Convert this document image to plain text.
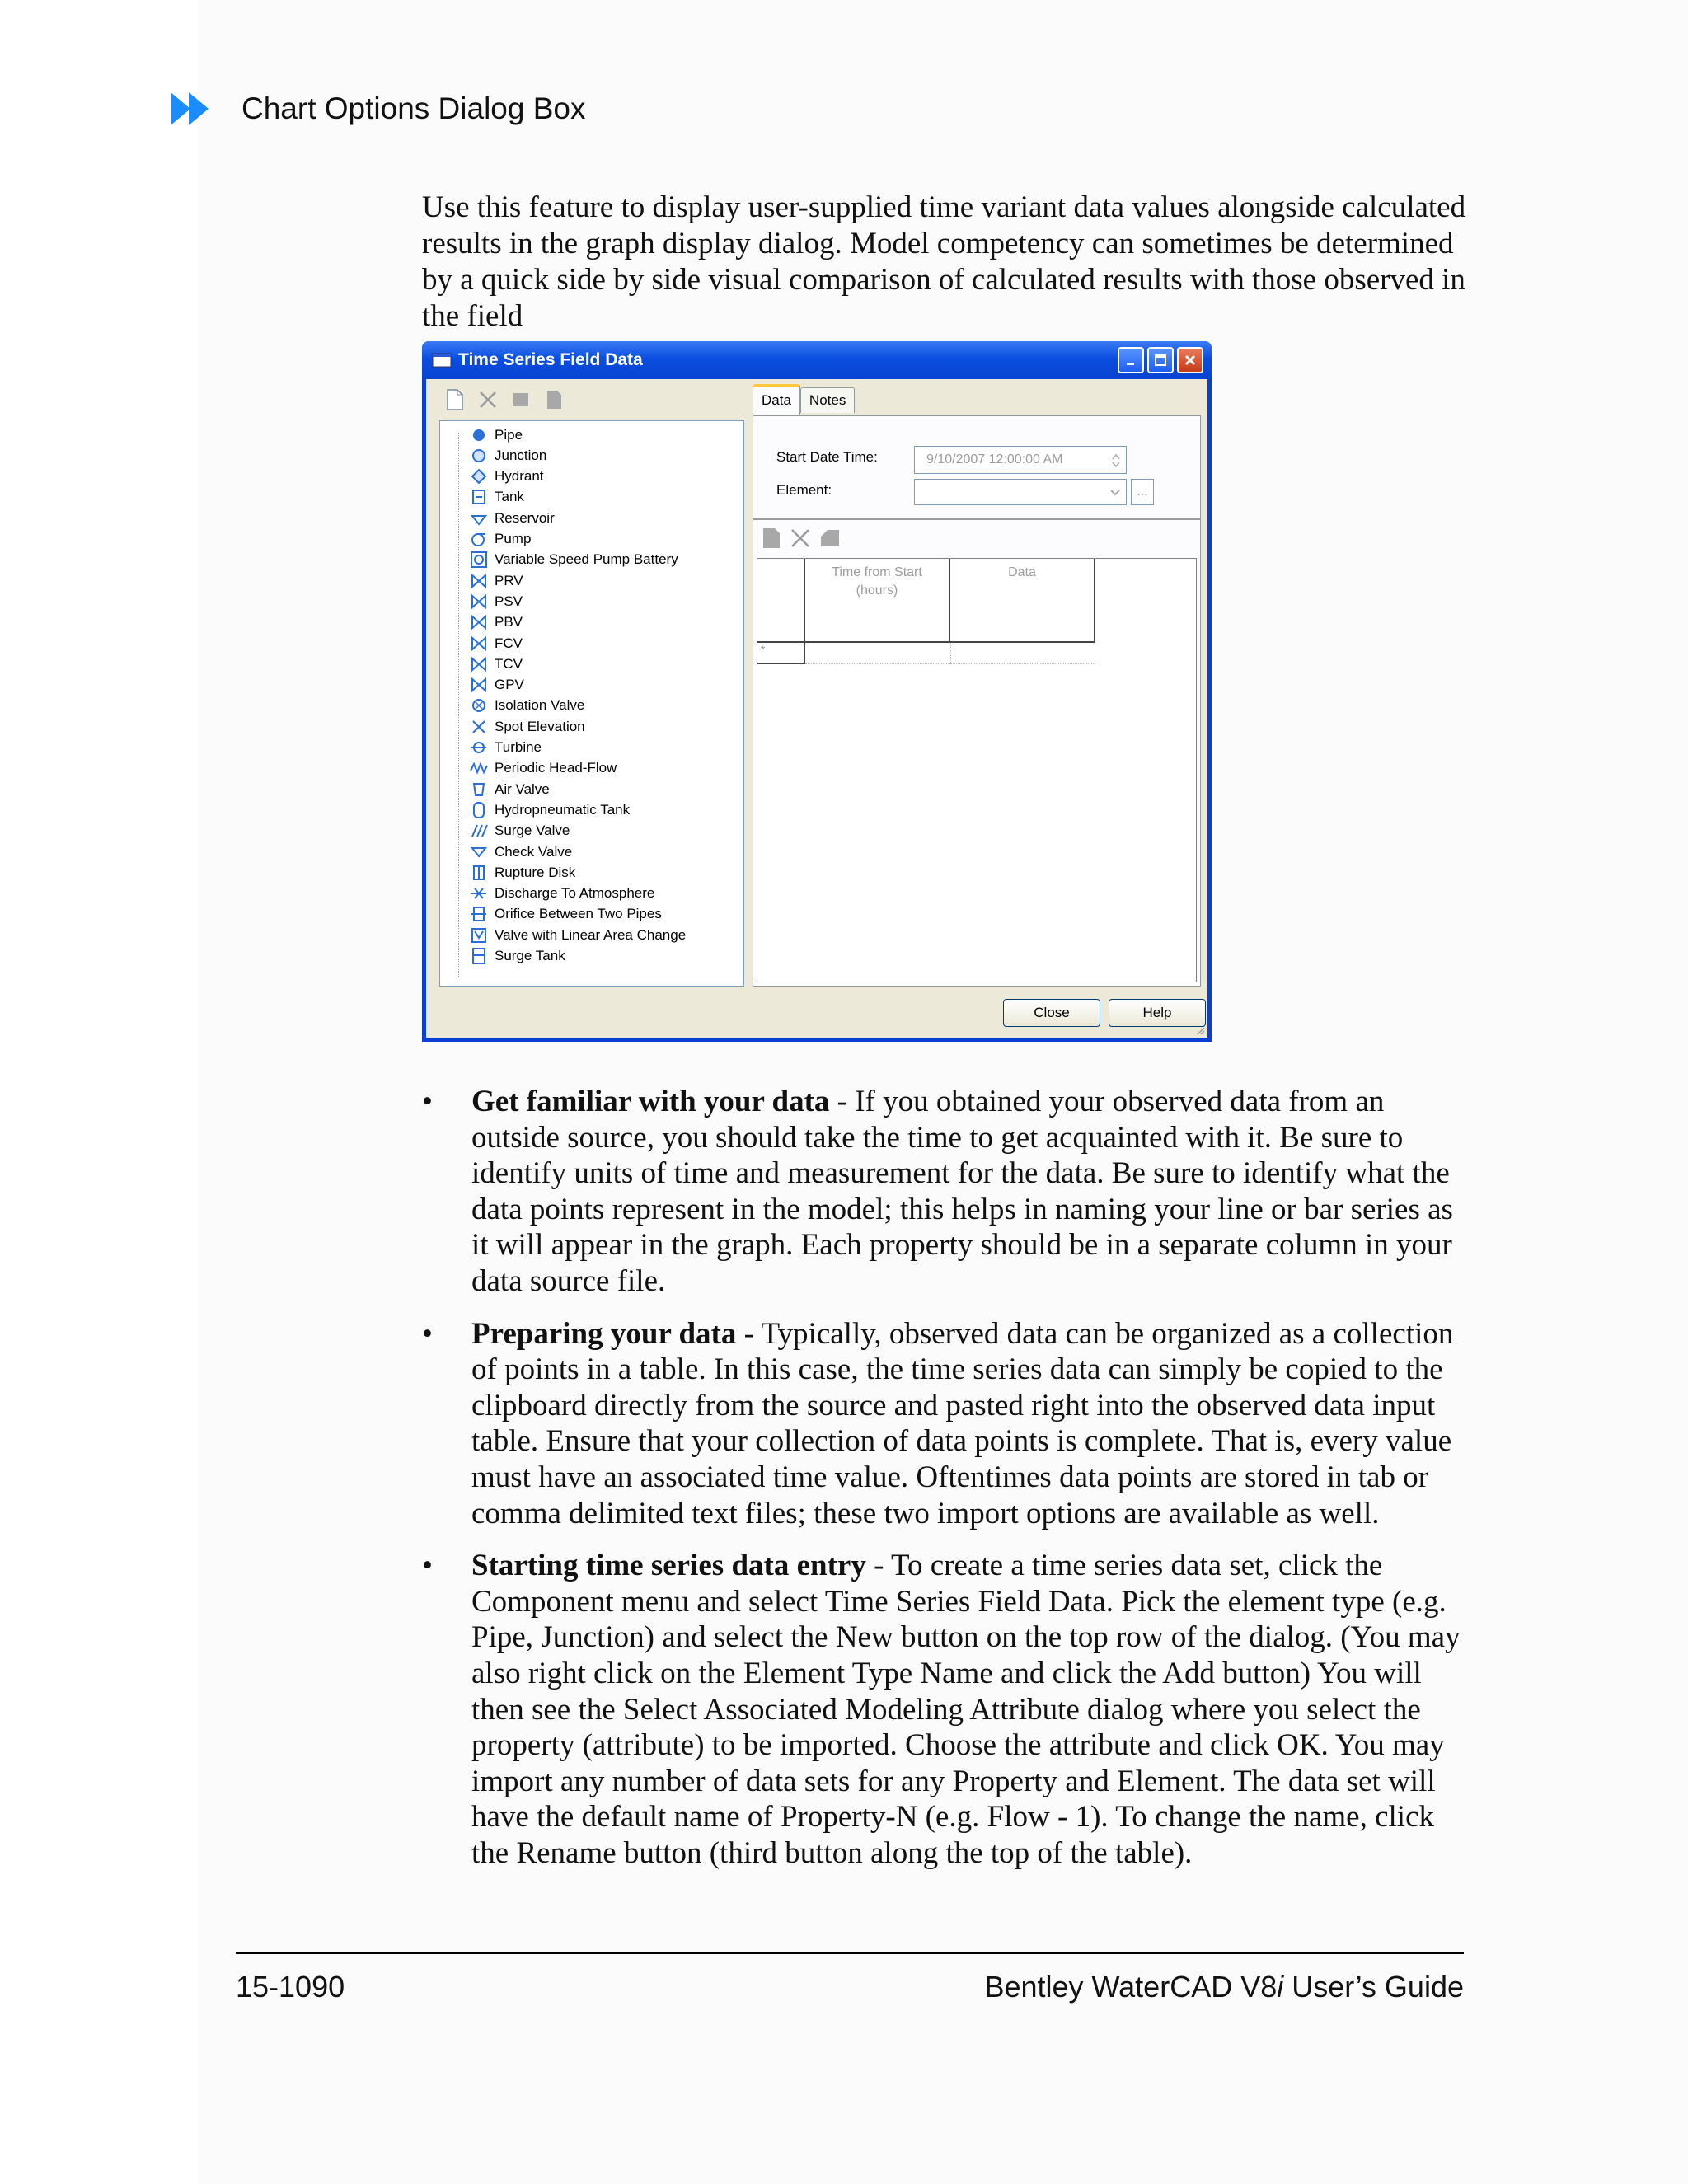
Chart Options Dialog Box

Use this feature to display user-supplied time variant data values alongside calculated results in the graph display dialog. Model competency can sometimes be determined by a quick side by side visual comparison of calculated results with those observed in the field

Time Series Field Data
Pipe
Junction
Hydrant
Tank
Reservoir
Pump
Variable Speed Pump Battery
PRV
PSV
PBV
FCV
TCV
GPV
Isolation Valve
Spot Elevation
Turbine
Periodic Head-Flow
Air Valve
Hydropneumatic Tank
Surge Valve
Check Valve
Rupture Disk
Discharge To Atmosphere
Orifice Between Two Pipes
Valve with Linear Area Change
Surge Tank
Data	Notes
Start Date Time:	9/10/2007 12:00:00 AM
Element:	...
Time from Start
(hours)
Data
*
Close	Help
• Get familiar with your data - If you obtained your observed data from an outside source, you should take the time to get acquainted with it. Be sure to identify units of time and measurement for the data. Be sure to identify what the data points represent in the model; this helps in naming your line or bar series as it will appear in the graph. Each property should be in a separate column in your data source file.
• Preparing your data - Typically, observed data can be organized as a collection of points in a table. In this case, the time series data can simply be copied to the clipboard directly from the source and pasted right into the observed data input table. Ensure that your collection of data points is complete. That is, every value must have an associated time value. Oftentimes data points are stored in tab or comma delimited text files; these two import options are available as well.
• Starting time series data entry - To create a time series data set, click the Component menu and select Time Series Field Data. Pick the element type (e.g. Pipe, Junction) and select the New button on the top row of the dialog. (You may also right click on the Element Type Name and click the Add button) You will then see the Select Associated Modeling Attribute dialog where you select the property (attribute) to be imported. Choose the attribute and click OK. You may import any number of data sets for any Property and Element. The data set will have the default name of Property-N (e.g. Flow - 1). To change the name, click the Rename button (third button along the top of the table).
15-1090	Bentley WaterCAD V8i User’s Guide
